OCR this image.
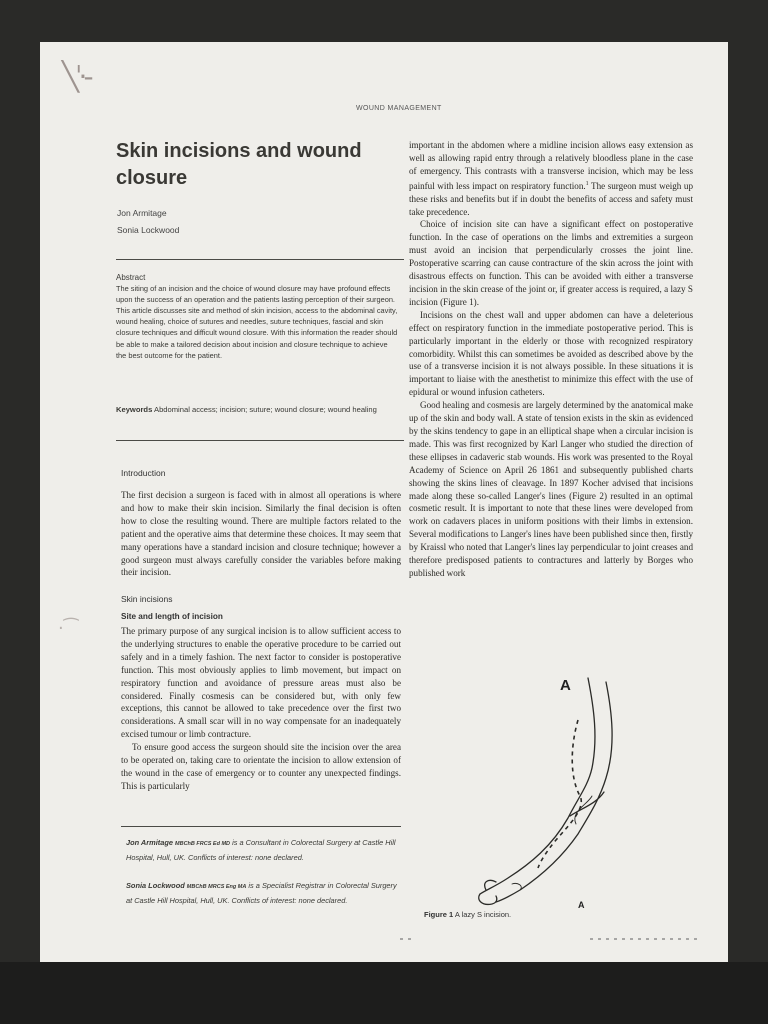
╲ˈ·-
·⁀
WOUND MANAGEMENT
Skin incisions and wound closure
Jon Armitage
Sonia Lockwood
Abstract
The siting of an incision and the choice of wound closure may have profound effects upon the success of an operation and the patients lasting perception of their surgeon. This article discusses site and method of skin incision, access to the abdominal cavity, wound healing, choice of sutures and needles, suture techniques, fascial and skin closure techniques and difficult wound closure. With this information the reader should be able to make a tailored decision about incision and closure technique to achieve the best outcome for the patient.
Keywords Abdominal access; incision; suture; wound closure; wound healing
Introduction

The first decision a surgeon is faced with in almost all operations is where and how to make their skin incision. Similarly the final decision is often how to close the resulting wound. There are multiple factors related to the patient and the operative aims that determine these choices. It may seem that many operations have a standard incision and closure technique; however a good surgeon must always carefully consider the variables before making their incision.

Skin incisions
Site and length of incision

The primary purpose of any surgical incision is to allow sufficient access to the underlying structures to enable the operative procedure to be carried out safely and in a timely fashion. The next factor to consider is postoperative function. This most obviously applies to limb movement, but impact on respiratory function and avoidance of pressure areas must also be considered. Finally cosmesis can be considered but, with only few exceptions, this cannot be allowed to take precedence over the first two considerations. A small scar will in no way compensate for an inadequately excised tumour or limb contracture.

To ensure good access the surgeon should site the incision over the area to be operated on, taking care to orientate the incision to allow extension of the wound in the case of emergency or to counter any unexpected findings. This is particularly

Jon Armitage MBChB FRCS Ed MD is a Consultant in Colorectal Surgery at Castle Hill Hospital, Hull, UK. Conflicts of interest: none declared.
Sonia Lockwood MBChB MRCS Eng MA is a Specialist Registrar in Colorectal Surgery at Castle Hill Hospital, Hull, UK. Conflicts of interest: none declared.

important in the abdomen where a midline incision allows easy extension as well as allowing rapid entry through a relatively bloodless plane in the case of emergency. This contrasts with a transverse incision, which may be less painful with less impact on respiratory function.$^1$ The surgeon must weigh up these risks and benefits but if in doubt the benefits of access and safety must take precedence.

Choice of incision site can have a significant effect on postoperative function. In the case of operations on the limbs and extremities a surgeon must avoid an incision that perpendicularly crosses the joint line. Postoperative scarring can cause contracture of the skin across the joint with disastrous effects on function. This can be avoided with either a transverse incision in the skin crease of the joint or, if greater access is required, a lazy S incision (Figure 1).

Incisions on the chest wall and upper abdomen can have a deleterious effect on respiratory function in the immediate postoperative period. This is particularly important in the elderly or those with recognized respiratory comorbidity. Whilst this can sometimes be avoided as described above by the use of a transverse incision it is not always possible. In these situations it is important to liaise with the anesthetist to minimize this effect with the use of epidural or wound infusion catheters.

Good healing and cosmesis are largely determined by the anatomical make up of the skin and body wall. A state of tension exists in the skin as evidenced by the skins tendency to gape in an elliptical shape when a circular incision is made. This was first recognized by Karl Langer who studied the direction of these ellipses in cadaveric stab wounds. His work was presented to the Royal Academy of Science on April 26 1861 and subsequently published charts showing the skins lines of cleavage. In 1897 Kocher advised that incisions made along these so-called Langer's lines (Figure 2) resulted in an optimal cosmetic result. It is important to note that these lines were developed from work on cadavers places in uniform positions with their limbs in extension. Several modifications to Langer's lines have been published since then, firstly by Kraissl who noted that Langer's lines lay perpendicular to joint creases and therefore predisposed patients to contractures and latterly by Borges who published work

A
A
Figure 1 A lazy S incision.
